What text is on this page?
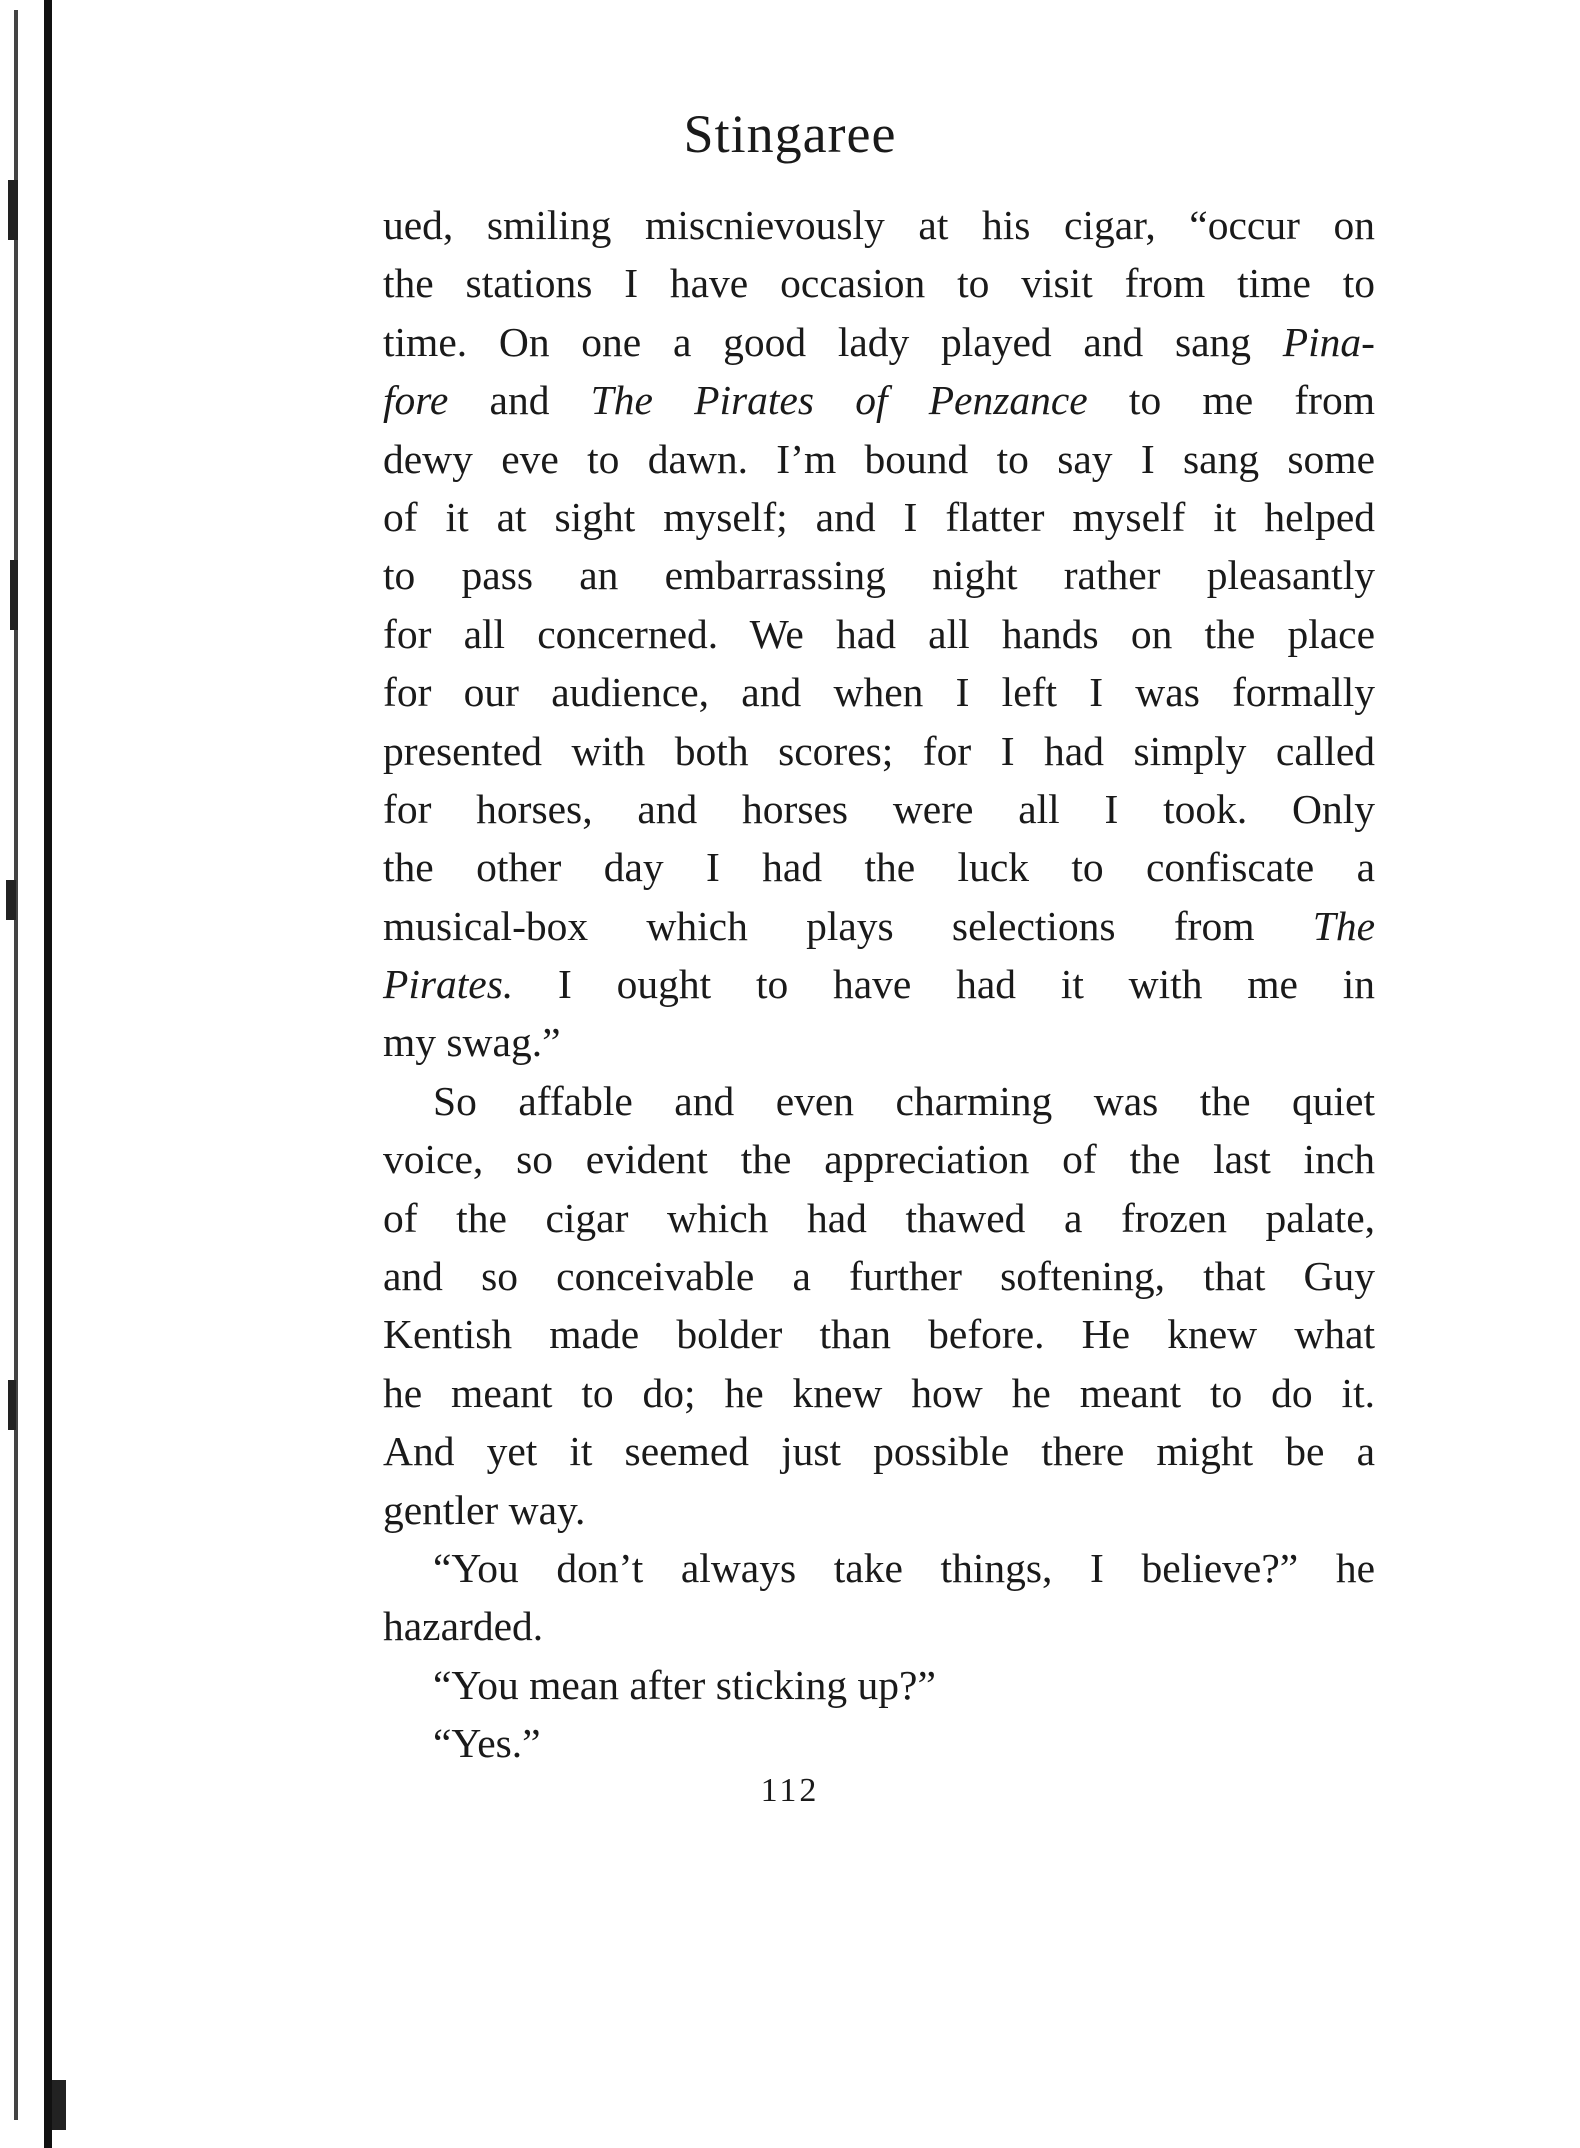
Stingaree
ued, smiling miscnievously at his cigar, “occur on
the stations I have occasion to visit from time to
time. On one a good lady played and sang Pina-
fore and The Pirates of Penzance to me from
dewy eve to dawn. I’m bound to say I sang some
of it at sight myself; and I flatter myself it helped
to pass an embarrassing night rather pleasantly
for all concerned. We had all hands on the place
for our audience, and when I left I was formally
presented with both scores; for I had simply called
for horses, and horses were all I took. Only
the other day I had the luck to confiscate a
musical-box which plays selections from The
Pirates. I ought to have had it with me in
my swag.”
So affable and even charming was the quiet
voice, so evident the appreciation of the last inch
of the cigar which had thawed a frozen palate,
and so conceivable a further softening, that Guy
Kentish made bolder than before. He knew what
he meant to do; he knew how he meant to do it.
And yet it seemed just possible there might be a
gentler way.
“You don’t always take things, I believe?” he
hazarded.
“You mean after sticking up?”
“Yes.”
112
